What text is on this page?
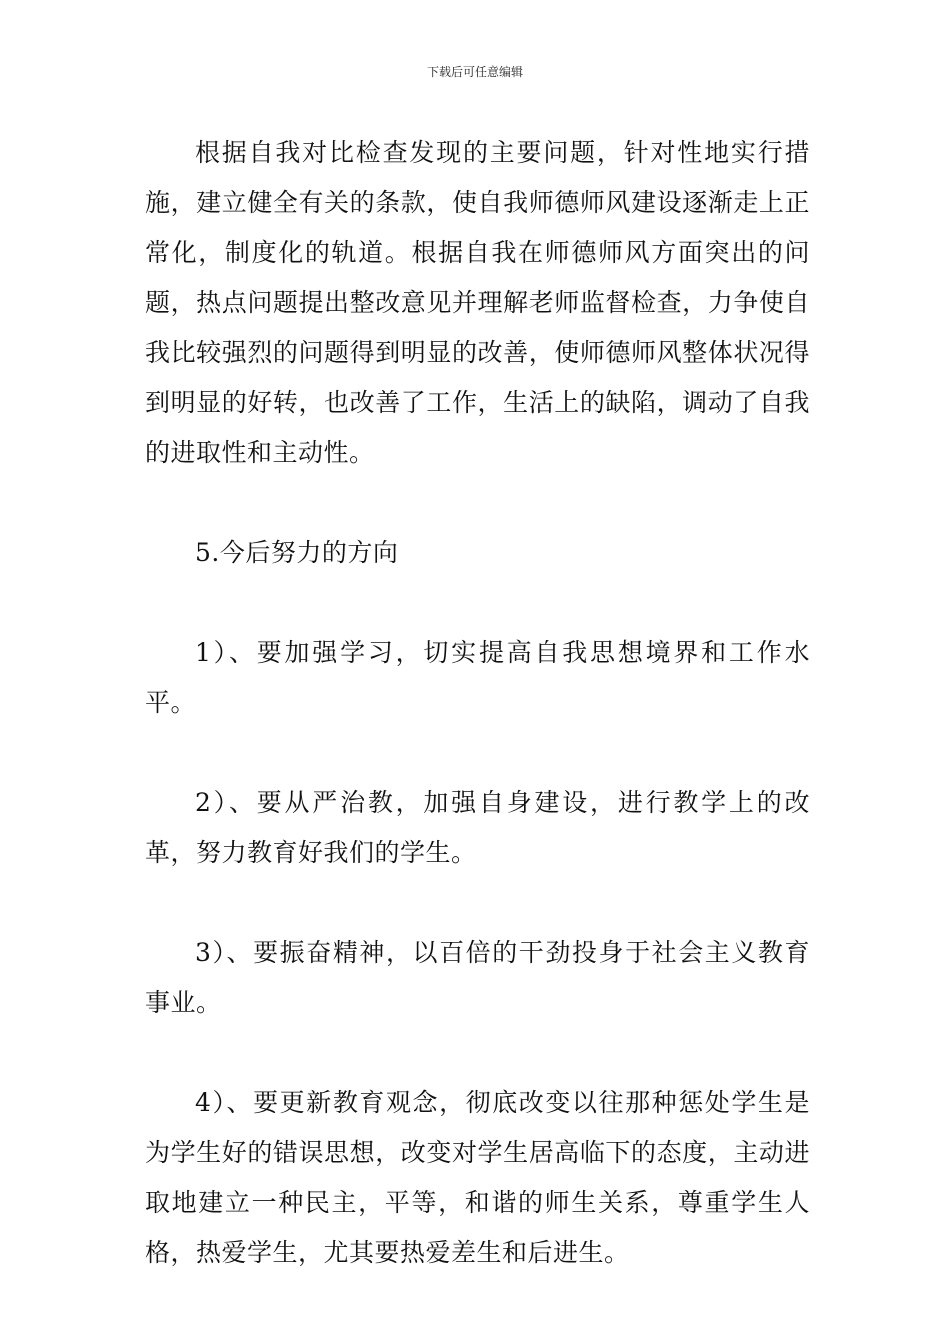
下载后可任意编辑

根据自我对比检查发现的主要问题，针对性地实行措施，建立健全有关的条款，使自我师德师风建设逐渐走上正常化，制度化的轨道。根据自我在师德师风方面突出的问题，热点问题提出整改意见并理解老师监督检查，力争使自我比较强烈的问题得到明显的改善，使师德师风整体状况得到明显的好转，也改善了工作，生活上的缺陷，调动了自我的进取性和主动性。

5.今后努力的方向

1）、要加强学习，切实提高自我思想境界和工作水平。

2）、要从严治教，加强自身建设，进行教学上的改革，努力教育好我们的学生。

3）、要振奋精神，以百倍的干劲投身于社会主义教育事业。

4）、要更新教育观念，彻底改变以往那种惩处学生是为学生好的错误思想，改变对学生居高临下的态度，主动进取地建立一种民主，平等，和谐的师生关系，尊重学生人格，热爱学生，尤其要热爱差生和后进生。
